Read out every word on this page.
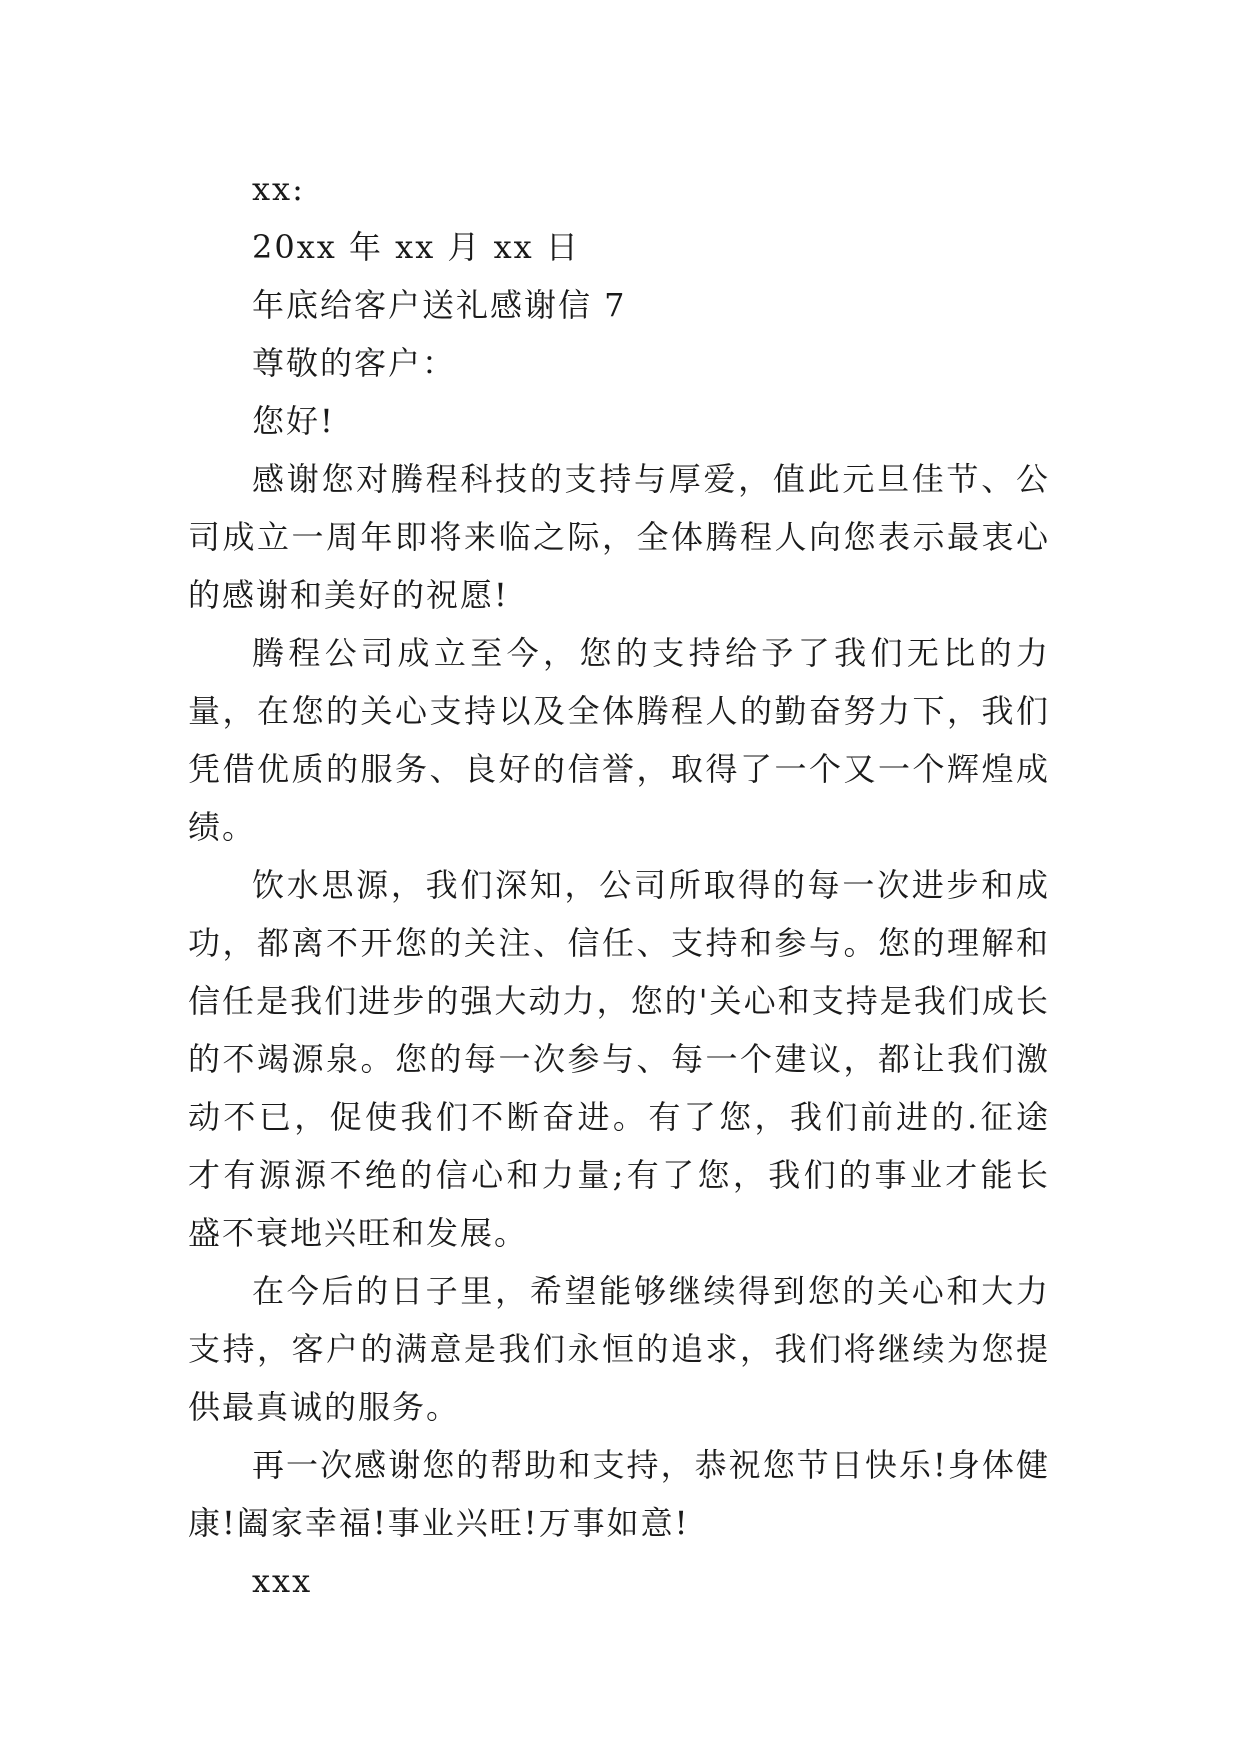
xx:

20xx 年 xx 月 xx 日

年底给客户送礼感谢信 7

尊敬的客户：

您好!

感谢您对腾程科技的支持与厚爱，值此元旦佳节、公司成立一周年即将来临之际，全体腾程人向您表示最衷心的感谢和美好的祝愿!

腾程公司成立至今，您的支持给予了我们无比的力量，在您的关心支持以及全体腾程人的勤奋努力下，我们凭借优质的服务、良好的信誉，取得了一个又一个辉煌成绩。

饮水思源，我们深知，公司所取得的每一次进步和成功，都离不开您的关注、信任、支持和参与。您的理解和信任是我们进步的强大动力，您的'关心和支持是我们成长的不竭源泉。您的每一次参与、每一个建议，都让我们激动不已，促使我们不断奋进。有了您，我们前进的.征途才有源源不绝的信心和力量;有了您，我们的事业才能长盛不衰地兴旺和发展。

在今后的日子里，希望能够继续得到您的关心和大力支持，客户的满意是我们永恒的追求，我们将继续为您提供最真诚的服务。

再一次感谢您的帮助和支持，恭祝您节日快乐!身体健康!阖家幸福!事业兴旺!万事如意!

xxx
